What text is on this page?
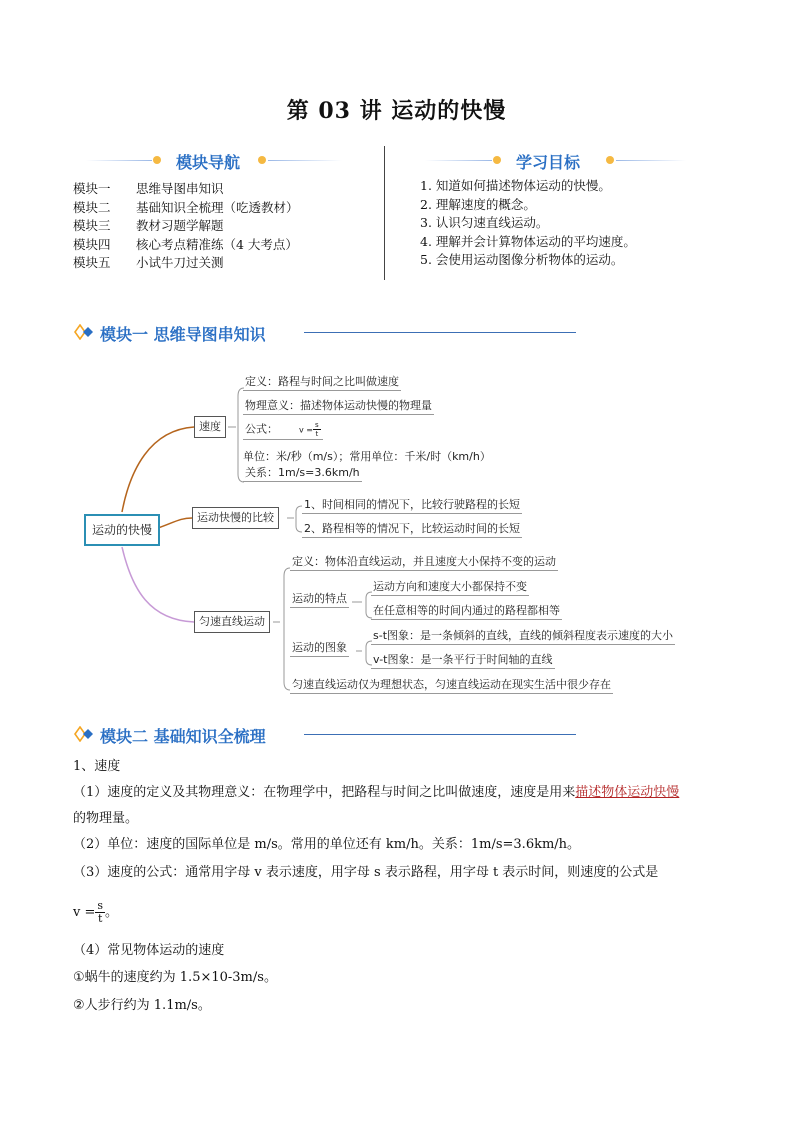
第 03 讲 运动的快慢
模块导航
模块一 思维导图串知识
模块二 基础知识全梳理（吃透教材）
模块三 教材习题学解题
模块四 核心考点精准练（4 大考点）
模块五 小试牛刀过关测
学习目标
1. 知道如何描述物体运动的快慢。
2. 理解速度的概念。
3. 认识匀速直线运动。
4. 理解并会计算物体运动的平均速度。
5. 会使用运动图像分析物体的运动。
模块一 思维导图串知识
运动的快慢
速度
定义：路程与时间之比叫做速度
物理意义：描述物体运动快慢的物理量
公式：	$v = \frac{s}{t}$
单位：米/秒（m/s）；常用单位：千米/时（km/h）
关系：1m/s=3.6km/h
运动快慢的比较
1、时间相同的情况下，比较行驶路程的长短
2、路程相等的情况下，比较运动时间的长短
匀速直线运动
定义：物体沿直线运动，并且速度大小保持不变的运动
运动的特点
运动方向和速度大小都保持不变
在任意相等的时间内通过的路程都相等
运动的图象
s-t图象：是一条倾斜的直线，直线的倾斜程度表示速度的大小
v-t图象：是一条平行于时间轴的直线
匀速直线运动仅为理想状态，匀速直线运动在现实生活中很少存在
模块二 基础知识全梳理
1、速度
（1）速度的定义及其物理意义：在物理学中，把路程与时间之比叫做速度，速度是用来描述物体运动快慢
的物理量。
（2）单位：速度的国际单位是 m/s。常用的单位还有 km/h。关系：1m/s=3.6km/h。
（3）速度的公式：通常用字母 v 表示速度，用字母 s 表示路程，用字母 t 表示时间，则速度的公式是
$v = \frac{s}{t}$ 。
（4）常见物体运动的速度
①蜗牛的速度约为 1.5×10-3m/s。
②人步行约为 1.1m/s。
